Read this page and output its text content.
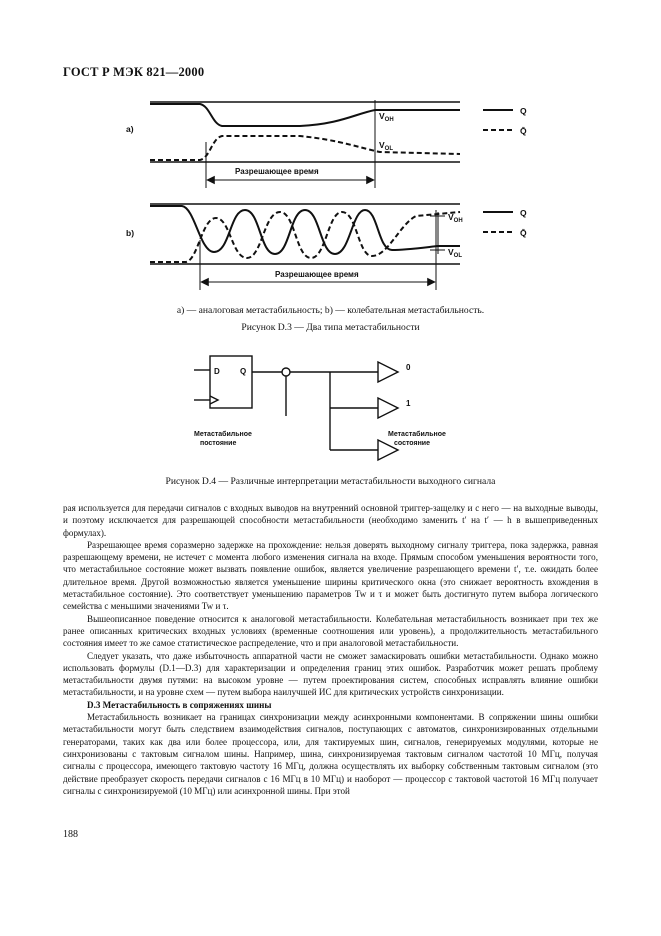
ГОСТ Р МЭК 821—2000
a)
b)
Q
Q̄
Q
Q̄
$V_{OH}$
$V_{OL}$
$V_{OH}$
$V_{OL}$
Разрешающее время
Разрешающее время
а) — аналоговая метастабильность; b) — колебательная метастабильность.
Рисунок D.3 — Два типа метастабильности
D	Q	0
1
Метастабильное
постояние
Метастабильное
состояние
Рисунок D.4 — Различные интерпретации метастабильности выходного сигнала

рая используется для передачи сигналов с входных выводов на внутренний основной триггер-защелку и с него — на выходные выводы, и поэтому исключается для разрешающей способности метастабильности (необходимо заменить t′ на t′ — h в вышеприведенных формулах).

Разрешающее время соразмерно задержке на прохождение: нельзя доверять выходному сигналу триггера, пока задержка, равная разрешающему времени, не истечет с момента любого изменения сигнала на входе. Прямым способом уменьшения вероятности того, что метастабильное состояние может вызвать появление ошибок, является увеличение разрешающего времени t′, т.е. ожидать более длительное время. Другой возможностью является уменьшение ширины критического окна (это снижает вероятность вхождения в метастабильное состояние). Это соответствует уменьшению параметров Tw и τ и может быть достигнуто путем выбора логического семейства с меньшими значениями Tw и τ.

Вышеописанное поведение относится к аналоговой метастабильности. Колебательная метастабильность возникает при тех же ранее описанных критических входных условиях (временные соотношения или уровень), а продолжительность метастабильного состояния имеет то же самое статистическое распределение, что и при аналоговой метастабильности.

Следует указать, что даже избыточность аппаратной части не сможет замаскировать ошибки метастабильности. Однако можно использовать формулы (D.1—D.3) для характеризации и определения границ этих ошибок. Разработчик может решать проблему метастабильности двумя путями: на высоком уровне — путем проектирования систем, способных исправлять влияние ошибки метастабильности, и на уровне схем — путем выбора наилучшей ИС для критических устройств синхронизации.

D.3 Метастабильность в сопряжениях шины

Метастабильность возникает на границах синхронизации между асинхронными компонентами. В сопряжении шины ошибки метастабильности могут быть следствием взаимодействия сигналов, поступающих с автоматов, синхронизированных отдельными генераторами, таких как два или более процессора, или, для тактируемых шин, сигналов, генерируемых модулями, которые не синхронизованы с тактовым сигналом шины. Например, шина, синхронизируемая тактовым сигналом частотой 10 МГц, получая сигналы с процессора, имеющего тактовую частоту 16 МГц, должна осуществлять их выборку собственным тактовым сигналом (это действие преобразует скорость передачи сигналов с 16 МГц в 10 МГц) и наоборот — процессор с тактовой частотой 16 МГц получает сигналы с синхронизируемой (10 МГц) или асинхронной шины. При этой

188
